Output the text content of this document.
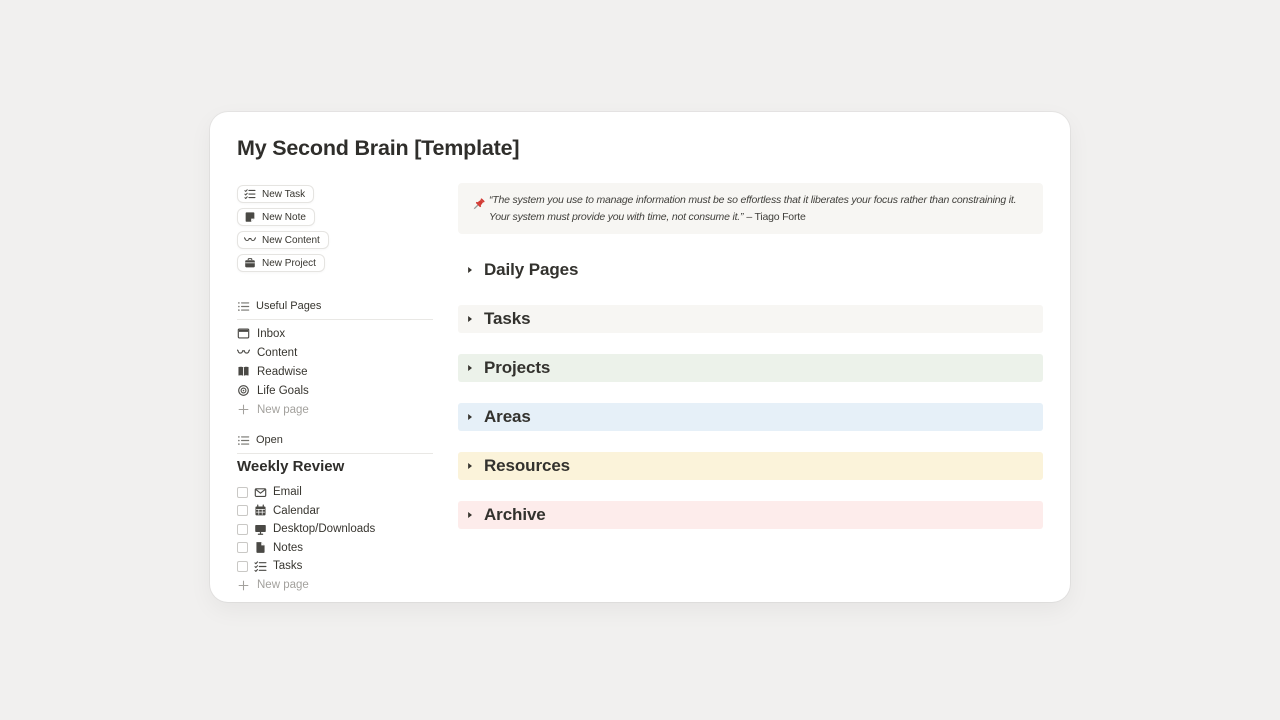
My Second Brain [Template]
New Task
New Note
New Content
New Project
Useful Pages
Inbox
Content
Readwise
Life Goals
New page
Open
Weekly Review
Email
Calendar
Desktop/Downloads
Notes
Tasks
New page
“The system you use to manage information must be so effortless that it liberates your focus rather than constraining it.
Your system must provide you with time, not consume it.” – Tiago Forte
Daily Pages
Tasks
Projects
Areas
Resources
Archive
